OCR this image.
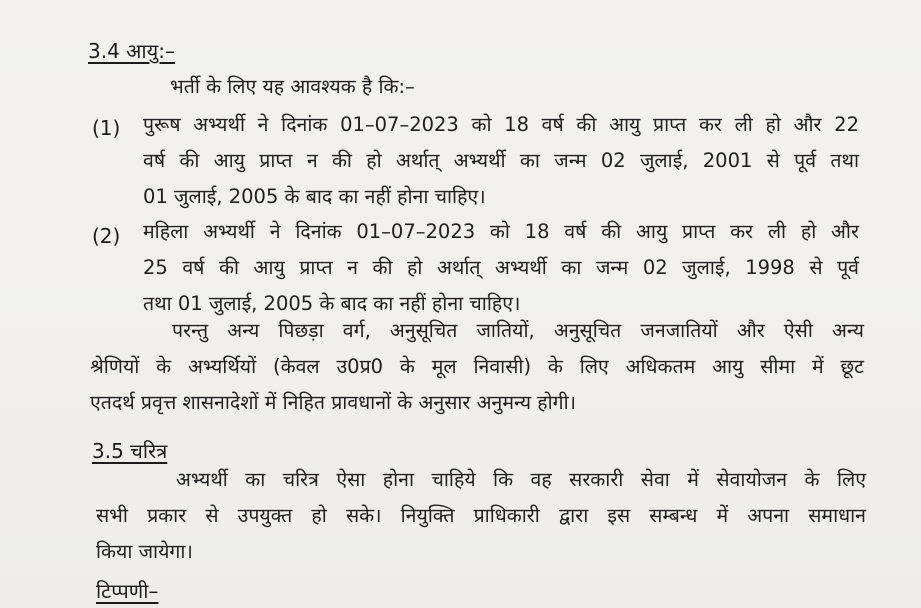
3.4 आयु:–
भर्ती के लिए यह आवश्यक है कि:–
(1) पुरूष अभ्यर्थी ने दिनांक 01–07–2023 को 18 वर्ष की आयु प्राप्त कर ली हो और 22
वर्ष की आयु प्राप्त न की हो अर्थात् अभ्यर्थी का जन्म 02 जुलाई, 2001 से पूर्व तथा
01 जुलाई, 2005 के बाद का नहीं होना चाहिए।
(2) महिला अभ्यर्थी ने दिनांक 01–07–2023 को 18 वर्ष की आयु प्राप्त कर ली हो और
25 वर्ष की आयु प्राप्त न की हो अर्थात् अभ्यर्थी का जन्म 02 जुलाई, 1998 से पूर्व
तथा 01 जुलाई, 2005 के बाद का नहीं होना चाहिए।
परन्तु अन्य पिछड़ा वर्ग, अनुसूचित जातियों, अनुसूचित जनजातियों और ऐसी अन्य
श्रेणियों के अभ्यर्थियों (केवल उ0प्र0 के मूल निवासी) के लिए अधिकतम आयु सीमा में छूट
एतदर्थ प्रवृत्त शासनादेशों में निहित प्रावधानों के अनुसार अनुमन्य होगी।
3.5 चरित्र
अभ्यर्थी का चरित्र ऐसा होना चाहिये कि वह सरकारी सेवा में सेवायोजन के लिए
सभी प्रकार से उपयुक्त हो सके। नियुक्ति प्राधिकारी द्वारा इस सम्बन्ध में अपना समाधान
किया जायेगा।
टिप्पणी–
